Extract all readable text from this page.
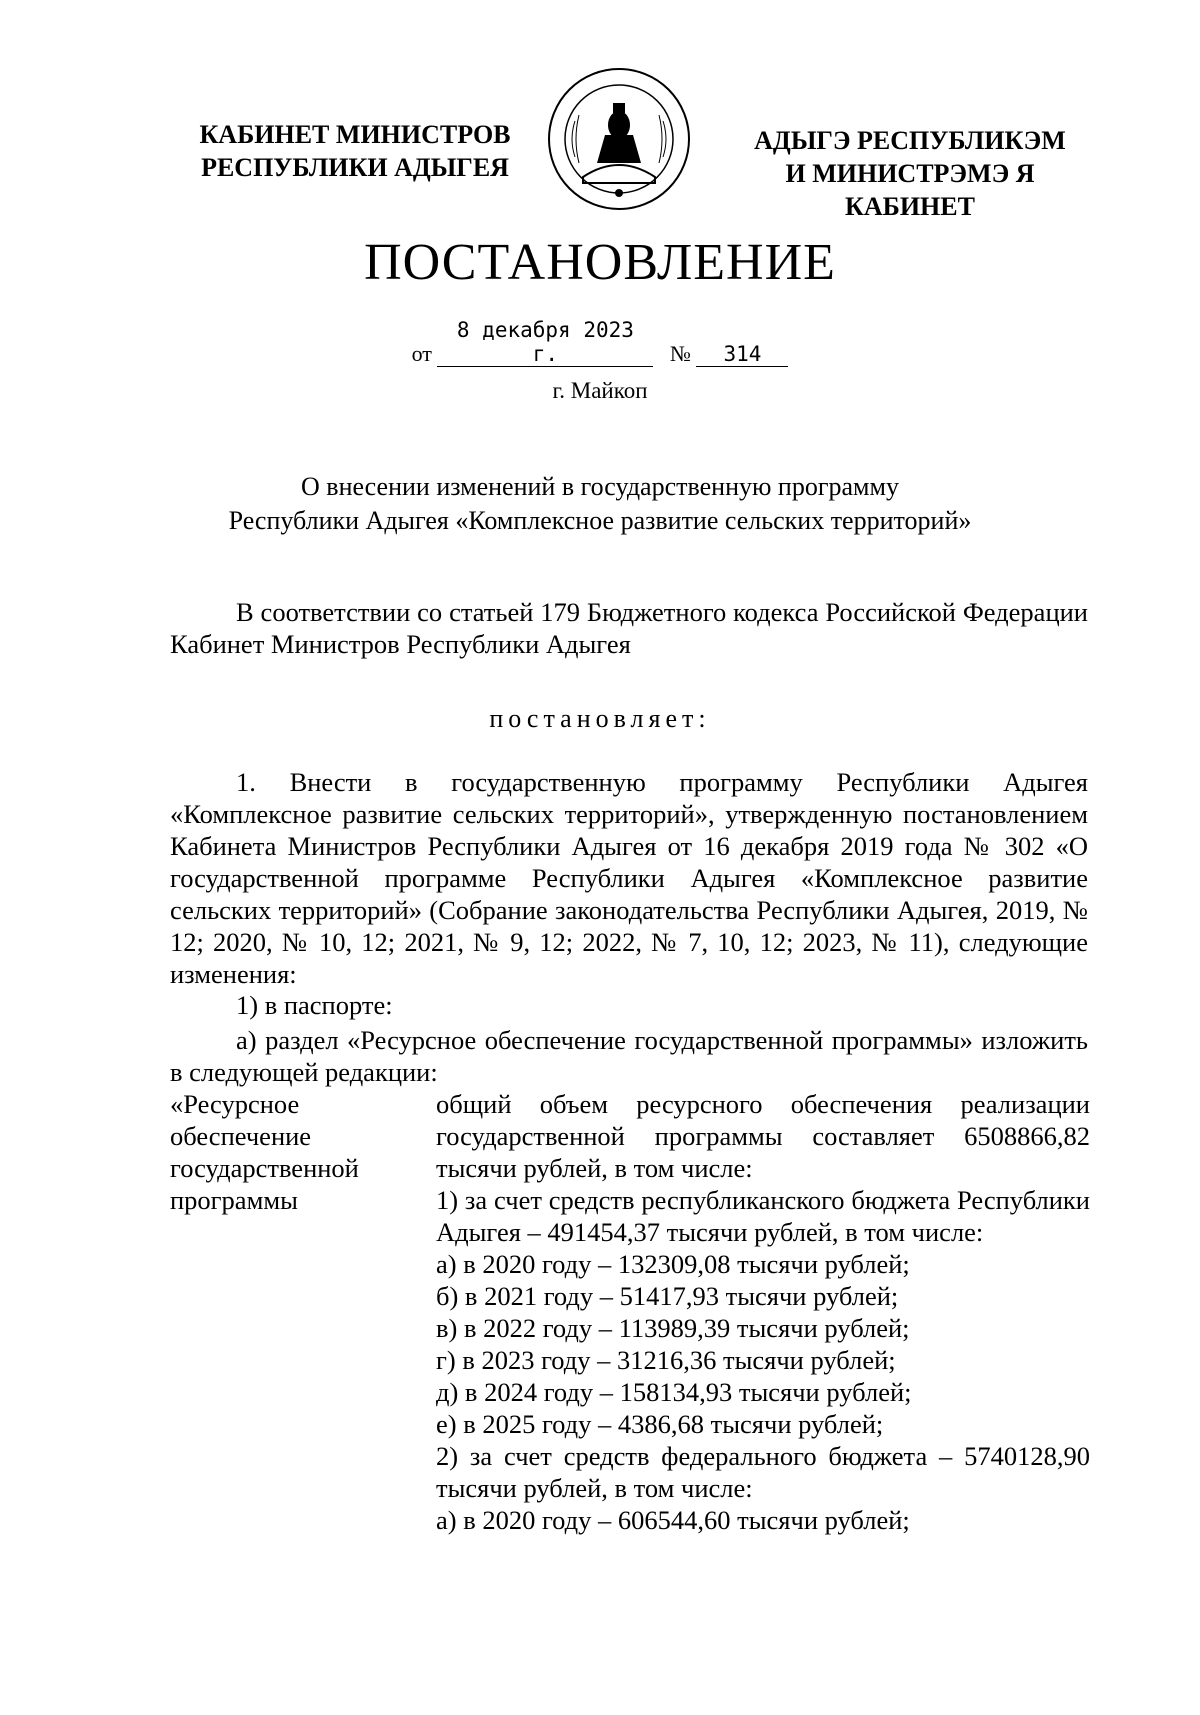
КАБИНЕТ МИНИСТРОВ
РЕСПУБЛИКИ АДЫГЕЯ
АДЫГЭ РЕСПУБЛИКЭМ
И МИНИСТРЭМЭ Я КАБИНЕТ
ПОСТАНОВЛЕНИЕ
от 8 декабря 2023 г.	№ 314
г. Майкоп
О внесении изменений в государственную программу
Республики Адыгея «Комплексное развитие сельских территорий»
В соответствии со статьей 179 Бюджетного кодекса Российской Федерации Кабинет Министров Республики Адыгея
постановляет:
1. Внести в государственную программу Республики Адыгея «Комплексное развитие сельских территорий», утвержденную постановлением Кабинета Министров Республики Адыгея от 16 декабря 2019 года № 302 «О государственной программе Республики Адыгея «Комплексное развитие сельских территорий» (Собрание законодательства Республики Адыгея, 2019, № 12; 2020, № 10, 12; 2021, № 9, 12; 2022, № 7, 10, 12; 2023, № 11), следующие изменения:
1) в паспорте:
а) раздел «Ресурсное обеспечение государственной программы» изложить в следующей редакции:
«Ресурсное обеспечение государственной программы
общий объем ресурсного обеспечения реализации государственной программы составляет 6508866,82 тысячи рублей, в том числе:
1) за счет средств республиканского бюджета Республики Адыгея – 491454,37 тысячи рублей, в том числе:
а) в 2020 году – 132309,08 тысячи рублей;
б) в 2021 году – 51417,93 тысячи рублей;
в) в 2022 году – 113989,39 тысячи рублей;
г) в 2023 году – 31216,36 тысячи рублей;
д) в 2024 году – 158134,93 тысячи рублей;
е) в 2025 году – 4386,68 тысячи рублей;
2) за счет средств федерального бюджета – 5740128,90 тысячи рублей, в том числе:
а) в 2020 году – 606544,60 тысячи рублей;
